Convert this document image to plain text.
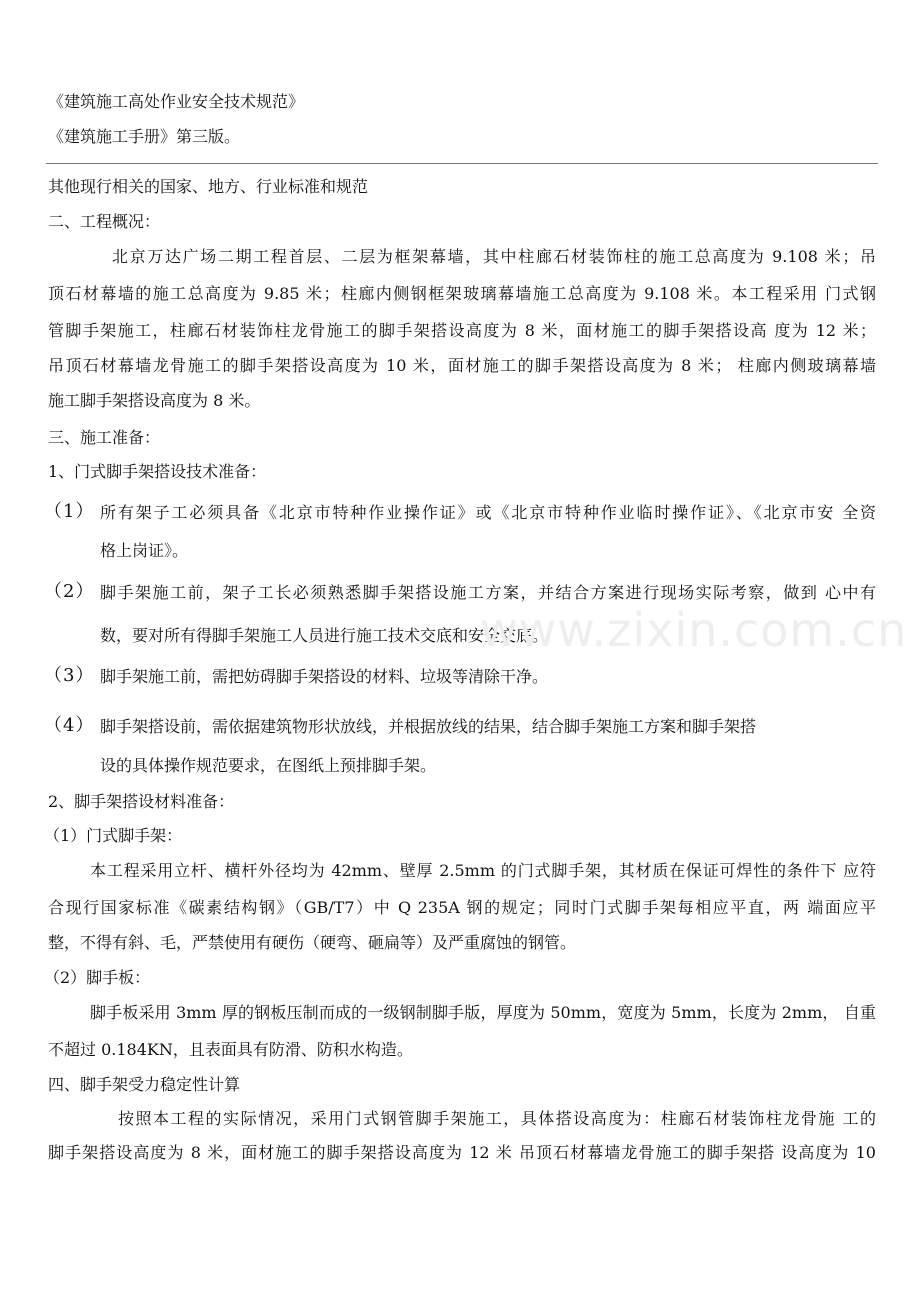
《建筑施工高处作业安全技术规范》
《建筑施工手册》第三版。
其他现行相关的国家、地方、行业标准和规范
二、工程概况：
北京万达广场二期工程首层、二层为框架幕墙，其中柱廊石材装饰柱的施工总高度为 9.108 米；吊
顶石材幕墙的施工总高度为 9.85 米；柱廊内侧钢框架玻璃幕墙施工总高度为 9.108 米。本工程采用 门式钢
管脚手架施工，柱廊石材装饰柱龙骨施工的脚手架搭设高度为 8 米，面材施工的脚手架搭设高 度为 12 米；
吊顶石材幕墙龙骨施工的脚手架搭设高度为 10 米，面材施工的脚手架搭设高度为 8 米； 柱廊内侧玻璃幕墙
施工脚手架搭设高度为 8 米。
三、施工准备：
1、门式脚手架搭设技术准备：
（1） 所有架子工必须具备《北京市特种作业操作证》或《北京市特种作业临时操作证》、《北京市安 全资
格上岗证》。
（2） 脚手架施工前，架子工长必须熟悉脚手架搭设施工方案，并结合方案进行现场实际考察，做到 心中有
数，要对所有得脚手架施工人员进行施工技术交底和安全交底。
（3） 脚手架施工前，需把妨碍脚手架搭设的材料、垃圾等清除干净。
（4） 脚手架搭设前，需依据建筑物形状放线，并根据放线的结果，结合脚手架施工方案和脚手架搭
设的具体操作规范要求，在图纸上预排脚手架。
2、脚手架搭设材料准备：
（1）门式脚手架：
本工程采用立杆、横杆外径均为 42mm、壁厚 2.5mm 的门式脚手架，其材质在保证可焊性的条件下 应符
合现行国家标准《碳素结构钢》（GB/T7）中 Q 235A 钢的规定；同时门式脚手架每相应平直，两 端面应平
整，不得有斜、毛，严禁使用有硬伤（硬弯、砸扁等）及严重腐蚀的钢管。
（2）脚手板：
脚手板采用 3mm 厚的钢板压制而成的一级钢制脚手版，厚度为 50mm，宽度为 5mm，长度为 2mm， 自重
不超过 0.184KN，且表面具有防滑、防积水构造。
四、脚手架受力稳定性计算
按照本工程的实际情况，采用门式钢管脚手架施工，具体搭设高度为：柱廊石材装饰柱龙骨施 工的
脚手架搭设高度为 8 米，面材施工的脚手架搭设高度为 12 米 吊顶石材幕墙龙骨施工的脚手架搭 设高度为 10
www.zixin.com.cn
